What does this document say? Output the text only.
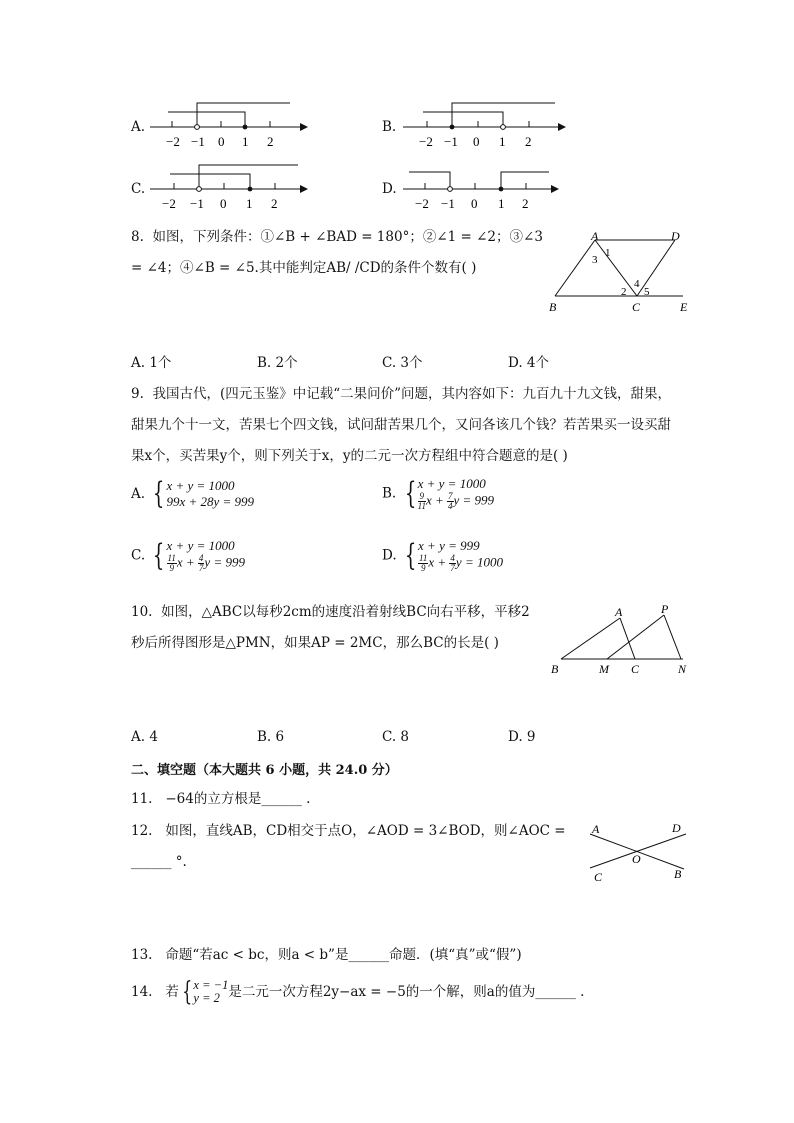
A.
−2 −1 0 1 2
B.
−2 −1 0 1 2
C.
−2 −1 0 1 2
D.
−2 −1 0 1 2
8. 如图，下列条件：①∠B + ∠BAD = 180°；②∠1 = ∠2；③∠3
= ∠4；④∠B = ∠5.其中能判定AB/ /CD的条件个数有( )
A	D
B	C	E
1
3
4
2 5
A. 1个	B. 2个	C. 3个	D. 4个
9. 我国古代，(四元玉鉴》中记载“二果问价”问题，其内容如下：九百九十九文钱，甜果，
甜果九个十一文，苦果七个四文钱，试问甜苦果几个，又问各该几个钱？若苦果买一设买甜
果x个，买苦果y个，则下列关于x，y的二元一次方程组中符合题意的是( )
A. { x + y = 1000
99x + 28y = 999	B. { x + y = 1000
$\frac{9}{11}$ $x + \frac{7}{4}$ y = 999
C. { x + y = 1000
$\frac{11}{9}$ $x + \frac{4}{7}$ y = 999	D. { x + y = 999
$\frac{11}{9}$ $x + \frac{4}{7}$ y = 1000
10. 如图，△ABC以每秒2cm的速度沿着射线BC向右平移，平移2
秒后所得图形是△PMN，如果AP = 2MC，那么BC的长是( )
A	P
B	M C	N
A. 4	B. 6	C. 8	D. 9
二、填空题（本大题共 6 小题，共 24.0 分）
11. −64的立方根是______ .
12. 如图，直线AB，CD相交于点O，∠AOD = 3∠BOD，则∠AOC =
______ °.
A	D
O
C	B
13. 命题“若ac < bc，则a < b”是______命题．(填“真”或“假”)
14. 若 { x = −1
y = 2 是二元一次方程2y−ax = −5的一个解，则a的值为______ .
